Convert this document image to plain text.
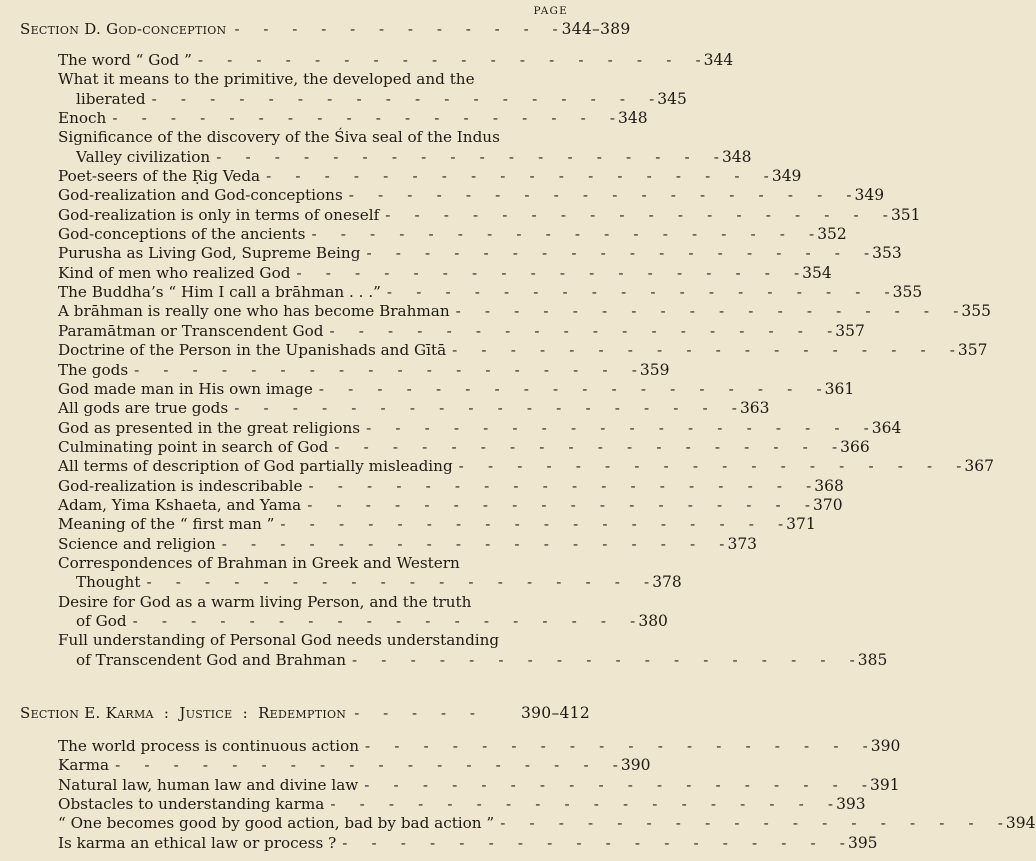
PAGE
Section D.
God-conception -     -     -     -     -     -     -     -     -     -     -     - 344–389
The word “ God ” -     -     -     -     -     -     -     -     -     -     -     -     -     -     -     -     -     - 344
What it means to the primitive, the developed and the
liberated -     -     -     -     -     -     -     -     -     -     -     -     -     -     -     -     -     - 345
Enoch -     -     -     -     -     -     -     -     -     -     -     -     -     -     -     -     -     - 348
Significance of the discovery of the Śiva seal of the Indus
Valley civilization -     -     -     -     -     -     -     -     -     -     -     -     -     -     -     -     -     - 348
Poet-seers of the Ṛig Veda -     -     -     -     -     -     -     -     -     -     -     -     -     -     -     -     -     - 349
God-realization and God-conceptions -     -     -     -     -     -     -     -     -     -     -     -     -     -     -     -     -     - 349
God-realization is only in terms of oneself -     -     -     -     -     -     -     -     -     -     -     -     -     -     -     -     -     - 351
God-conceptions of the ancients -     -     -     -     -     -     -     -     -     -     -     -     -     -     -     -     -     - 352
Purusha as Living God, Supreme Being -     -     -     -     -     -     -     -     -     -     -     -     -     -     -     -     -     - 353
Kind of men who realized God -     -     -     -     -     -     -     -     -     -     -     -     -     -     -     -     -     - 354
The Buddha’s “ Him I call a brāhman . . .” -     -     -     -     -     -     -     -     -     -     -     -     -     -     -     -     -     - 355
A brāhman is really one who has become Brahman -     -     -     -     -     -     -     -     -     -     -     -     -     -     -     -     -     - 355
Paramātman or Transcendent God -     -     -     -     -     -     -     -     -     -     -     -     -     -     -     -     -     - 357
Doctrine of the Person in the Upanishads and Gītā -     -     -     -     -     -     -     -     -     -     -     -     -     -     -     -     -     - 357
The gods -     -     -     -     -     -     -     -     -     -     -     -     -     -     -     -     -     - 359
God made man in His own image -     -     -     -     -     -     -     -     -     -     -     -     -     -     -     -     -     - 361
All gods are true gods -     -     -     -     -     -     -     -     -     -     -     -     -     -     -     -     -     - 363
God as presented in the great religions -     -     -     -     -     -     -     -     -     -     -     -     -     -     -     -     -     - 364
Culminating point in search of God -     -     -     -     -     -     -     -     -     -     -     -     -     -     -     -     -     - 366
All terms of description of God partially misleading -     -     -     -     -     -     -     -     -     -     -     -     -     -     -     -     -     - 367
God-realization is indescribable -     -     -     -     -     -     -     -     -     -     -     -     -     -     -     -     -     - 368
Adam, Yima Kshaeta, and Yama -     -     -     -     -     -     -     -     -     -     -     -     -     -     -     -     -     - 370
Meaning of the “ first man ” -     -     -     -     -     -     -     -     -     -     -     -     -     -     -     -     -     - 371
Science and religion -     -     -     -     -     -     -     -     -     -     -     -     -     -     -     -     -     - 373
Correspondences of Brahman in Greek and Western
Thought -     -     -     -     -     -     -     -     -     -     -     -     -     -     -     -     -     - 378
Desire for God as a warm living Person, and the truth
of God -     -     -     -     -     -     -     -     -     -     -     -     -     -     -     -     -     - 380
Full understanding of Personal God needs understanding
of Transcendent God and Brahman -     -     -     -     -     -     -     -     -     -     -     -     -     -     -     -     -     - 385
Section E.
Karma  :  Justice  :  Redemption -     -     -     -     -	390–412
The world process is continuous action -     -     -     -     -     -     -     -     -     -     -     -     -     -     -     -     -     - 390
Karma -     -     -     -     -     -     -     -     -     -     -     -     -     -     -     -     -     - 390
Natural law, human law and divine law -     -     -     -     -     -     -     -     -     -     -     -     -     -     -     -     -     - 391
Obstacles to understanding karma -     -     -     -     -     -     -     -     -     -     -     -     -     -     -     -     -     - 393
“ One becomes good by good action, bad by bad action ” -     -     -     -     -     -     -     -     -     -     -     -     -     -     -     -     -     - 394
Is karma an ethical law or process ? -     -     -     -     -     -     -     -     -     -     -     -     -     -     -     -     -     - 395
